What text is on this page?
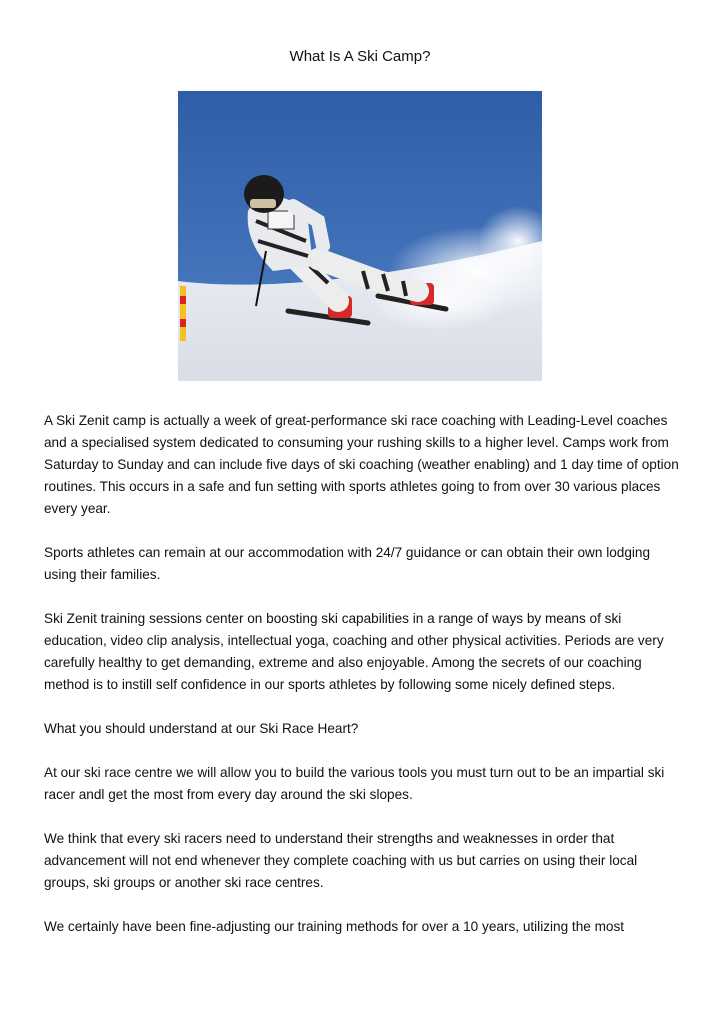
What Is A Ski Camp?

A Ski Zenit camp is actually a week of great-performance ski race coaching with Leading-Level coaches and a specialised system dedicated to consuming your rushing skills to a higher level. Camps work from Saturday to Sunday and can include five days of ski coaching (weather enabling) and 1 day time of option routines. This occurs in a safe and fun setting with sports athletes going to from over 30 various places every year.

Sports athletes can remain at our accommodation with 24/7 guidance or can obtain their own lodging using their families.

Ski Zenit training sessions center on boosting ski capabilities in a range of ways by means of ski education, video clip analysis, intellectual yoga, coaching and other physical activities. Periods are very carefully healthy to get demanding, extreme and also enjoyable. Among the secrets of our coaching method is to instill self confidence in our sports athletes by following some nicely defined steps.

What you should understand at our Ski Race Heart?

At our ski race centre we will allow you to build the various tools you must turn out to be an impartial ski racer andl get the most from every day around the ski slopes.

We think that every ski racers need to understand their strengths and weaknesses in order that advancement will not end whenever they complete coaching with us but carries on using their local groups, ski groups or another ski race centres.

We certainly have been fine-adjusting our training methods for over a 10 years, utilizing the most
